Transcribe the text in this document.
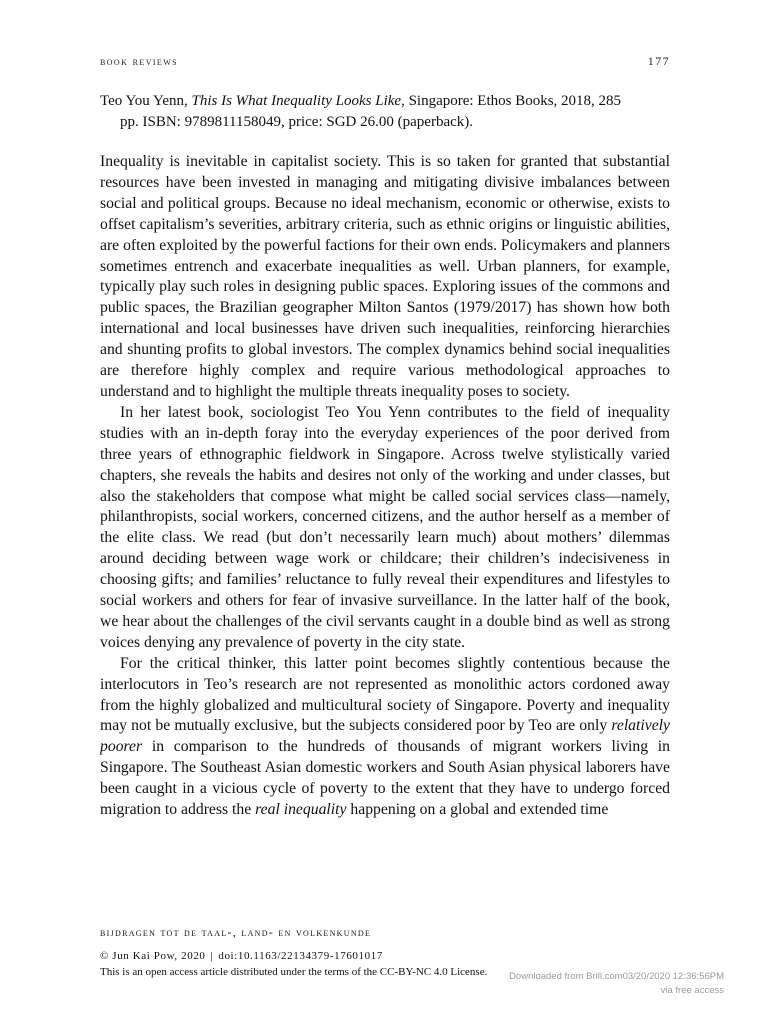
book reviews	177
Teo You Yenn, This Is What Inequality Looks Like, Singapore: Ethos Books, 2018, 285
pp. ISBN: 9789811158049, price: SGD 26.00 (paperback).

Inequality is inevitable in capitalist society. This is so taken for granted that substantial resources have been invested in managing and mitigating divisive imbalances between social and political groups. Because no ideal mechanism, economic or otherwise, exists to offset capitalism’s severities, arbitrary criteria, such as ethnic origins or linguistic abilities, are often exploited by the powerful factions for their own ends. Policymakers and planners sometimes entrench and exacerbate inequalities as well. Urban planners, for example, typically play such roles in designing public spaces. Exploring issues of the commons and public spaces, the Brazilian geographer Milton Santos (1979/2017) has shown how both international and local businesses have driven such inequalities, reinforcing hierarchies and shunting profits to global investors. The complex dynamics behind social inequalities are therefore highly complex and require various methodological approaches to understand and to highlight the multiple threats inequality poses to society.

In her latest book, sociologist Teo You Yenn contributes to the field of inequality studies with an in-depth foray into the everyday experiences of the poor derived from three years of ethnographic fieldwork in Singapore. Across twelve stylistically varied chapters, she reveals the habits and desires not only of the working and under classes, but also the stakeholders that compose what might be called social services class—namely, philanthropists, social workers, concerned citizens, and the author herself as a member of the elite class. We read (but don’t necessarily learn much) about mothers’ dilemmas around deciding between wage work or childcare; their children’s indecisiveness in choosing gifts; and families’ reluctance to fully reveal their expenditures and lifestyles to social workers and others for fear of invasive surveillance. In the latter half of the book, we hear about the challenges of the civil servants caught in a double bind as well as strong voices denying any prevalence of poverty in the city state.

For the critical thinker, this latter point becomes slightly contentious because the interlocutors in Teo’s research are not represented as monolithic actors cordoned away from the highly globalized and multicultural society of Singapore. Poverty and inequality may not be mutually exclusive, but the subjects considered poor by Teo are only relatively poorer in comparison to the hundreds of thousands of migrant workers living in Singapore. The Southeast Asian domestic workers and South Asian physical laborers have been caught in a vicious cycle of poverty to the extent that they have to undergo forced migration to address the real inequality happening on a global and extended time

bijdragen tot de taal-, land- en volkenkunde
© Jun Kai Pow, 2020 | doi:10.1163/22134379-17601017
This is an open access article distributed under the terms of the CC-BY-NC 4.0 License.	Downloaded from Brill.com03/20/2020 12:36:56PM
via free access
